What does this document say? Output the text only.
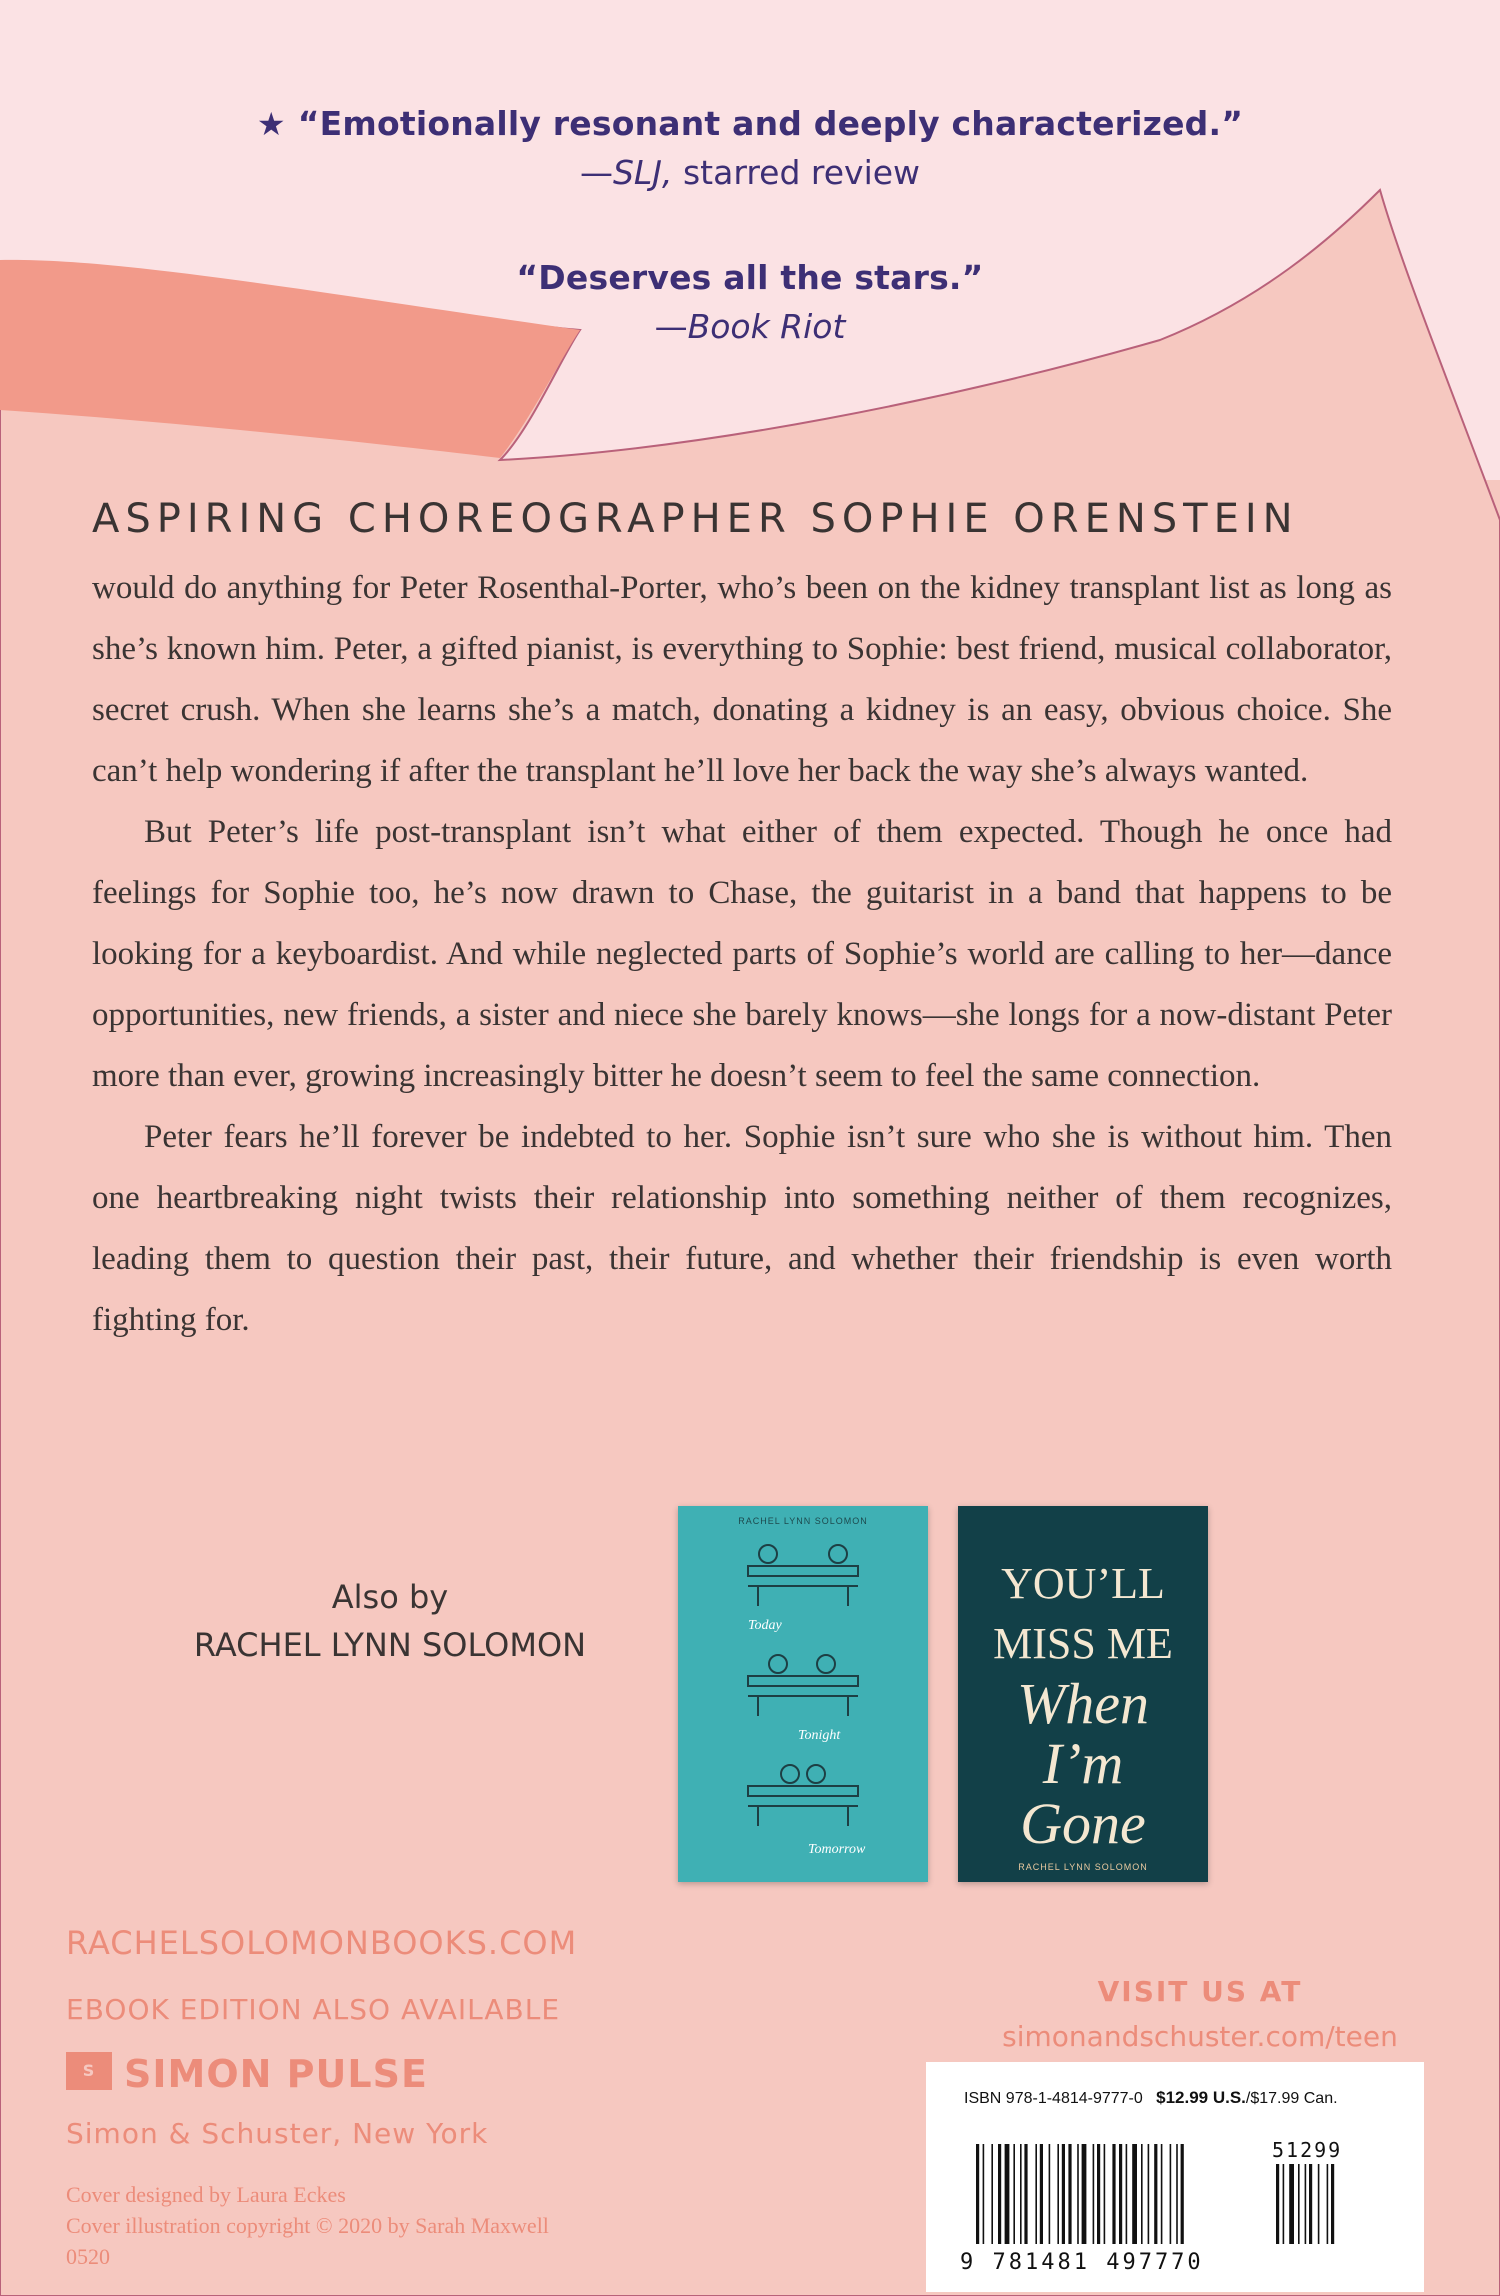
★ “Emotionally resonant and deeply characterized.”
—SLJ, starred review
“Deserves all the stars.”
—Book Riot
ASPIRING CHOREOGRAPHER SOPHIE ORENSTEIN

would do anything for Peter Rosenthal-Porter, who’s been on the kidney transplant list as long as she’s known him. Peter, a gifted pianist, is everything to Sophie: best friend, musical collaborator, secret crush. When she learns she’s a match, donating a kidney is an easy, obvious choice. She can’t help wondering if after the transplant he’ll love her back the way she’s always wanted.

But Peter’s life post-transplant isn’t what either of them expected. Though he once had feelings for Sophie too, he’s now drawn to Chase, the guitarist in a band that happens to be looking for a keyboardist. And while neglected parts of Sophie’s world are calling to her—dance opportunities, new friends, a sister and niece she barely knows—she longs for a now-distant Peter more than ever, growing increasingly bitter he doesn’t seem to feel the same connection.

Peter fears he’ll forever be indebted to her. Sophie isn’t sure who she is without him. Then one heartbreaking night twists their relationship into something neither of them recognizes, leading them to question their past, their future, and whether their friendship is even worth fighting for.

Also by
RACHEL LYNN SOLOMON
RACHEL LYNN SOLOMON
Today
Tonight
Tomorrow
YOU’LL
MISS ME
When
I’m
Gone
RACHEL LYNN SOLOMON
RACHELSOLOMONBOOKS.COM
EBOOK EDITION ALSO AVAILABLE
S SIMON PULSE
Simon & Schuster, New York
Cover designed by Laura Eckes
Cover illustration copyright © 2020 by Sarah Maxwell
0520
VISIT US AT
simonandschuster.com/teen
ISBN 978-1-4814-9777-0 $12.99 U.S./$17.99 Can.
51299
9 781481 497770
